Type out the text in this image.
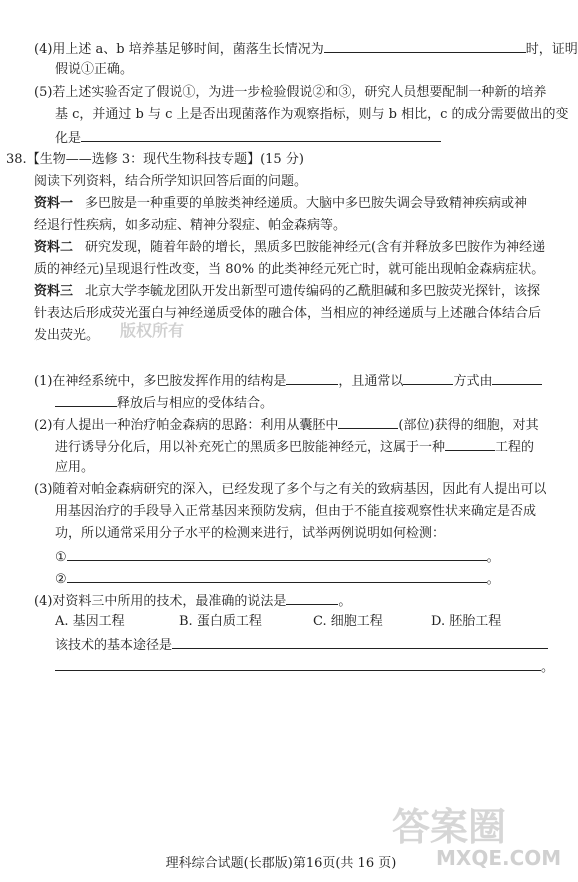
(4)用上述 a、b 培养基足够时间，菌落生长情况为	时，证明
假说①正确。
(5)若上述实验否定了假说①，为进一步检验假说②和③，研究人员想要配制一种新的培养
基 c，并通过 b 与 c 上是否出现菌落作为观察指标，则与 b 相比，c 的成分需要做出的变
化是
38.【生物——选修 3：现代生物科技专题】(15 分)
阅读下列资料，结合所学知识回答后面的问题。
资料一 多巴胺是一种重要的单胺类神经递质。大脑中多巴胺失调会导致精神疾病或神
经退行性疾病，如多动症、精神分裂症、帕金森病等。
资料二 研究发现，随着年龄的增长，黑质多巴胺能神经元(含有并释放多巴胺作为神经递
质的神经元)呈现退行性改变，当 80% 的此类神经元死亡时，就可能出现帕金森病症状。
资料三 北京大学李毓龙团队开发出新型可遗传编码的乙酰胆碱和多巴胺荧光探针，该探
针表达后形成荧光蛋白与神经递质受体的融合体，当相应的神经递质与上述融合体结合后
发出荧光。 版权所有
(1)在神经系统中，多巴胺发挥作用的结构是	，且通常以	方式由
释放后与相应的受体结合。
(2)有人提出一种治疗帕金森病的思路：利用从囊胚中	(部位)获得的细胞，对其
进行诱导分化后，用以补充死亡的黑质多巴胺能神经元，这属于一种	工程的
应用。
(3)随着对帕金森病研究的深入，已经发现了多个与之有关的致病基因，因此有人提出可以
用基因治疗的手段导入正常基因来预防发病，但由于不能直接观察性状来确定是否成
功，所以通常采用分子水平的检测来进行，试举两例说明如何检测：
①	。
②	。
(4)对资料三中所用的技术，最准确的说法是	。
A. 基因工程	B. 蛋白质工程	C. 细胞工程	D. 胚胎工程
该技术的基本途径是
。
答案圈
MXQE.COM
理科综合试题(长郡版)第16页(共 16 页)
